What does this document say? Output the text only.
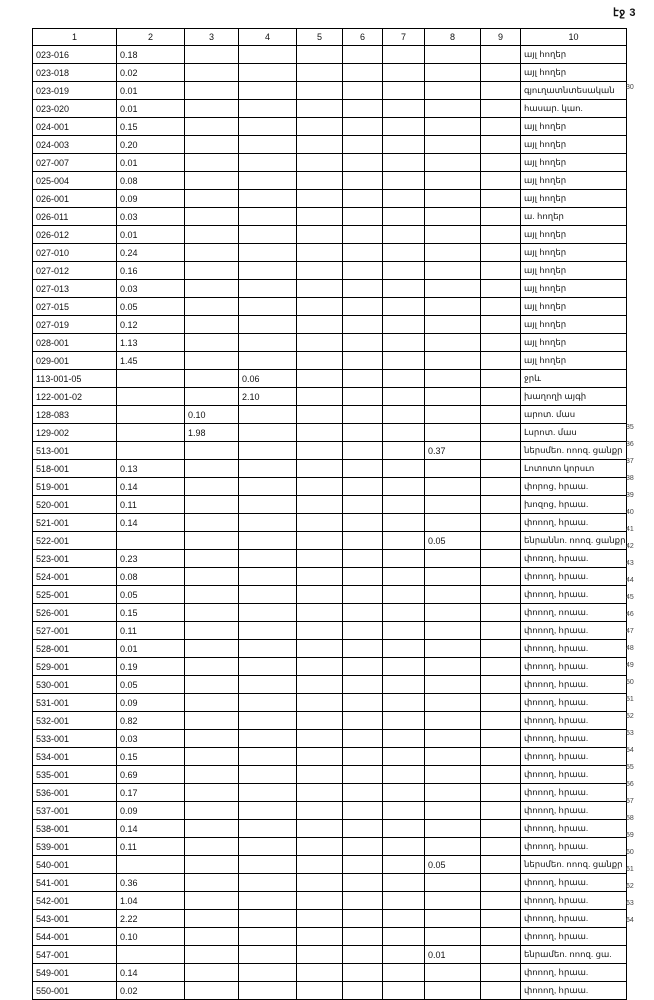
էջ 3
1	2	3	4	5	6	7	8	9	10
023-016	0.18								այլ հողեր
023-018	0.02								այլ հողեր
023-019	0.01								գյուղատնտեսական
023-020	0.01								հասար. կաո.
024-001	0.15								այլ հողեր
024-003	0.20								այլ հողեր
027-007	0.01								այլ հողեր
025-004	0.08								այլ հողեր
026-001	0.09								այլ հողեր
026-011	0.03								ա. հողեր
026-012	0.01								այլ հողեր
027-010	0.24								այլ հողեր
027-012	0.16								այլ հողեր
027-013	0.03								այլ հողեր
027-015	0.05								այլ հողեր
027-019	0.12								այլ հողեր
028-001	1.13								այլ հողեր
029-001	1.45								այլ հողեր
113-001-05			0.06						ջրև
122-001-02			2.10						խաղողի այգի
128-083		0.10							արոտ. մաս
129-002		1.98							Լսրոտ. մաս
513-001							0.37		ներսմեո. ոոոզ. ցանքր
518-001	0.13								Լոտոտո կորսւո
519-001	0.14								փորոց, հրաա.
520-001	0.11								խոզոց, հրաա.
521-001	0.14								փոոող, հրաա.
522-001							0.05		ենրաննո. ոոոզ. ցանքր
523-001	0.23								փոռող, հրաա.
524-001	0.08								փոոող, հրաա.
525-001	0.05								փոոող, հրաա.
526-001	0.15								փոոող, ոոաա.
527-001	0.11								փոոող, հրաա.
528-001	0.01								փոոող, հրաա.
529-001	0.19								փոոող, հրաա.
530-001	0.05								փոոող, հրաա.
531-001	0.09								փոոող, հրաա.
532-001	0.82								փոոող, հրաա.
533-001	0.03								փոոող, հրաա.
534-001	0.15								փոոող, հրաա.
535-001	0.69								փոոող, հրաա.
536-001	0.17								փոոող, հրաա.
537-001	0.09								փոոող, հրաա.
538-001	0.14								փոոող, հրաա.
539-001	0.11								փոոող, հրաա.
540-001							0.05		ներսմեո. ոոոզ. ցանքր
541-001	0.36								փոոող, հրաա.
542-001	1.04								փոոող, հրաա.
543-001	2.22								փոոող, հրաա.
544-001	0.10								փոոող, հրաա.
547-001							0.01		ենրամեո. ոոոզ. ցա.
549-001	0.14								փոոող, հրաա.
550-001	0.02								փոոող, հրաա.
30
35
36
37
38
39
40
41
42
43
44
45
46
47
48
49
50
51
52
53
54
55
56
57
58
59
60
61
62
63
64
